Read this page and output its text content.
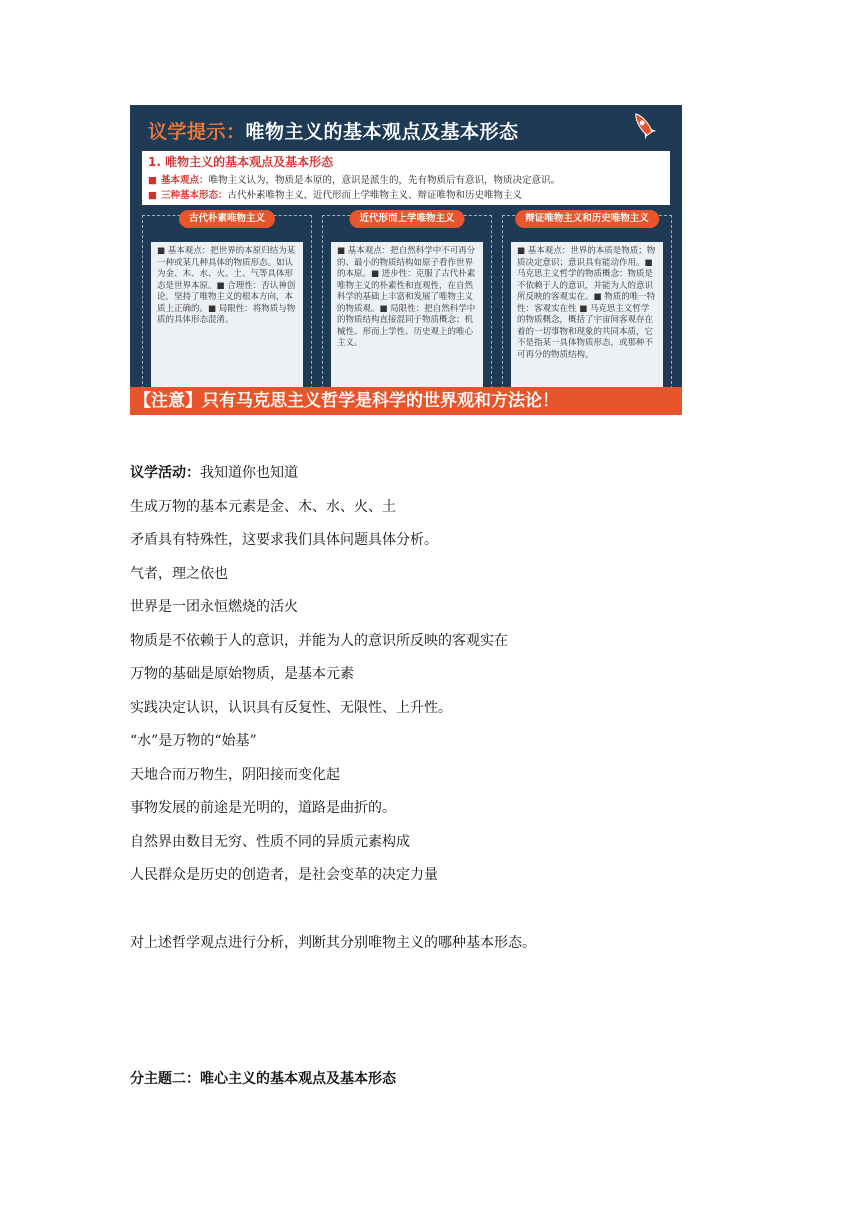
议学提示：唯物主义的基本观点及基本形态
1. 唯物主义的基本观点及基本形态
■ 基本观点：唯物主义认为，物质是本原的，意识是派生的，先有物质后有意识，物质决定意识。
■ 三种基本形态：古代朴素唯物主义、近代形而上学唯物主义、辩证唯物和历史唯物主义
古代朴素唯物主义
■ 基本观点：把世界的本原归结为某一种或某几种具体的物质形态。如认为金、木、水、火、土、气等具体形态是世界本原。■ 合理性：否认神创论，坚持了唯物主义的根本方向，本质上正确的。■ 局限性：将物质与物质的具体形态混淆。
近代形而上学唯物主义
■ 基本观点：把自然科学中不可再分的、最小的物质结构如原子看作世界的本原。■ 进步性：克服了古代朴素唯物主义的朴素性和直观性，在自然科学的基础上丰富和发展了唯物主义的物质观。■ 局限性：把自然科学中的物质结构直接混同于物质概念；机械性、形而上学性、历史观上的唯心主义。
辩证唯物主义和历史唯物主义
■ 基本观点：世界的本质是物质；物质决定意识；意识具有能动作用。■ 马克思主义哲学的物质概念：物质是不依赖于人的意识，并能为人的意识所反映的客观实在。■ 物质的唯一特性：客观实在性 ■ 马克思主义哲学的物质概念，概括了宇宙间客观存在着的一切事物和现象的共同本质，它不是指某一具体物质形态，或那种不可再分的物质结构。
【注意】只有马克思主义哲学是科学的世界观和方法论！
议学活动：我知道你也知道
生成万物的基本元素是金、木、水、火、土
矛盾具有特殊性，这要求我们具体问题具体分析。
气者，理之依也
世界是一团永恒燃烧的活火
物质是不依赖于人的意识，并能为人的意识所反映的客观实在
万物的基础是原始物质，是基本元素
实践决定认识，认识具有反复性、无限性、上升性。
“水”是万物的“始基”
天地合而万物生，阴阳接而变化起
事物发展的前途是光明的，道路是曲折的。
自然界由数目无穷、性质不同的异质元素构成
人民群众是历史的创造者，是社会变革的决定力量
对上述哲学观点进行分析，判断其分别唯物主义的哪种基本形态。
分主题二：唯心主义的基本观点及基本形态
